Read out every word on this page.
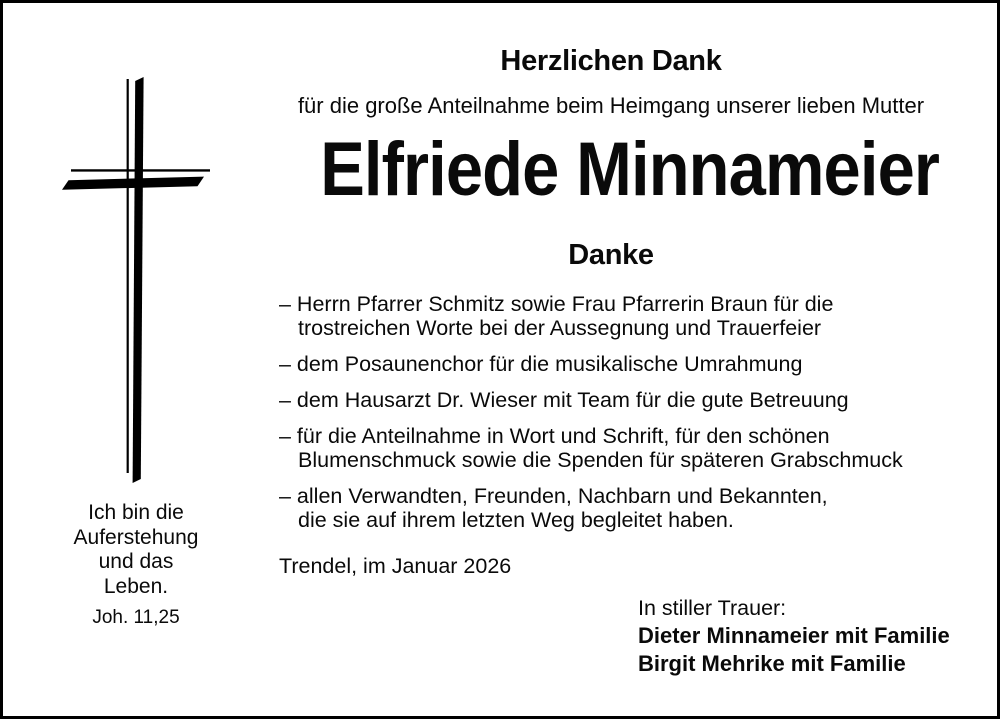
Ich bin die
Auferstehung
und das
Leben.
Joh. 11,25
Herzlichen Dank
für die große Anteilnahme beim Heimgang unserer lieben Mutter
Elfriede Minnameier
Danke
– Herrn Pfarrer Schmitz sowie Frau Pfarrerin Braun für die
trostreichen Worte bei der Aussegnung und Trauerfeier
– dem Posaunenchor für die musikalische Umrahmung
– dem Hausarzt Dr. Wieser mit Team für die gute Betreuung
– für die Anteilnahme in Wort und Schrift, für den schönen
Blumenschmuck sowie die Spenden für späteren Grabschmuck
– allen Verwandten, Freunden, Nachbarn und Bekannten,
die sie auf ihrem letzten Weg begleitet haben.
Trendel, im Januar 2026
In stiller Trauer:
Dieter Minnameier mit Familie
Birgit Mehrike mit Familie
